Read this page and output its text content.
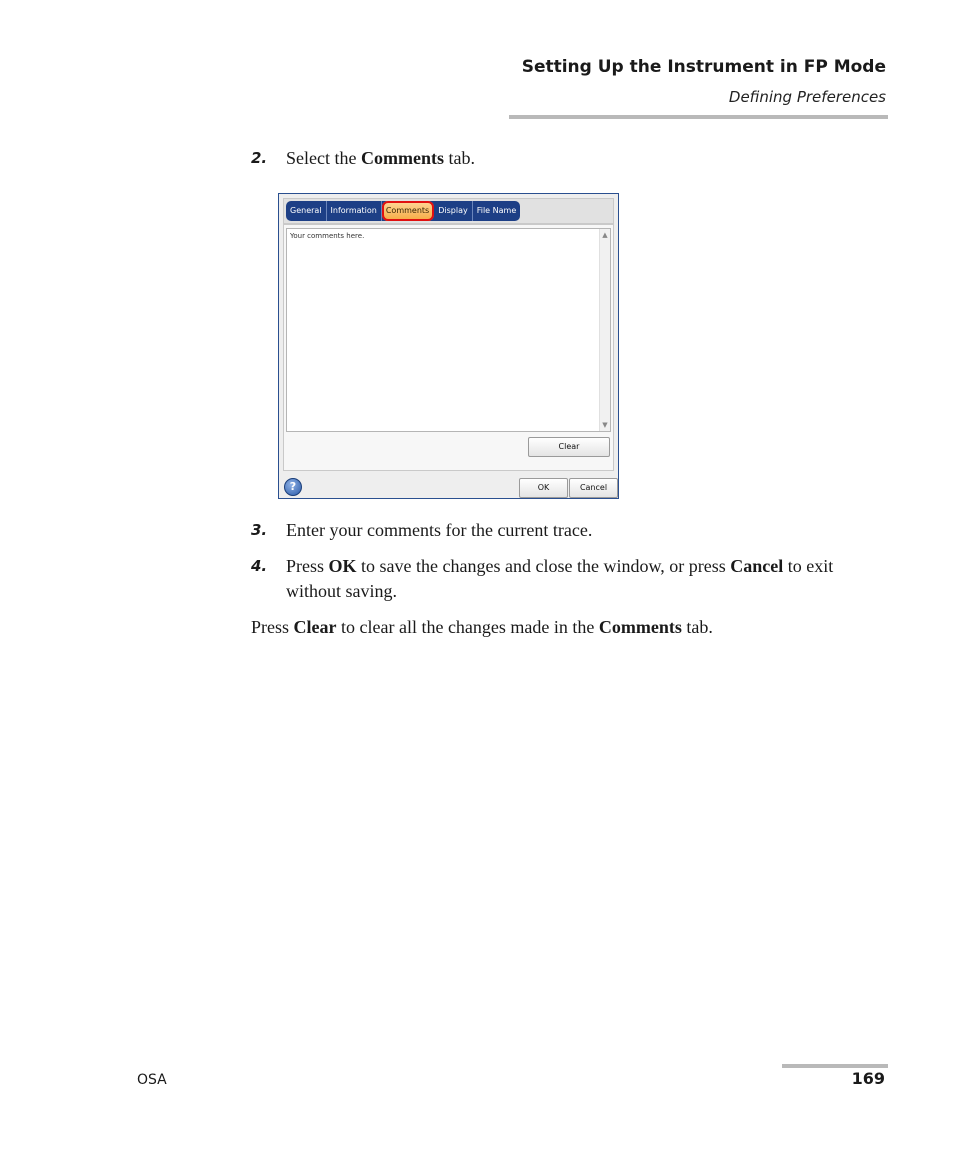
Setting Up the Instrument in FP Mode
Defining Preferences
2.	Select the Comments tab.
General	Information	Comments	Display	File Name
Your comments here.	▲
▼
Clear
?	OK	Cancel
3.	Enter your comments for the current trace.
4.	Press OK to save the changes and close the window, or press Cancel to exit without saving.
Press Clear to clear all the changes made in the Comments tab.
OSA	169
